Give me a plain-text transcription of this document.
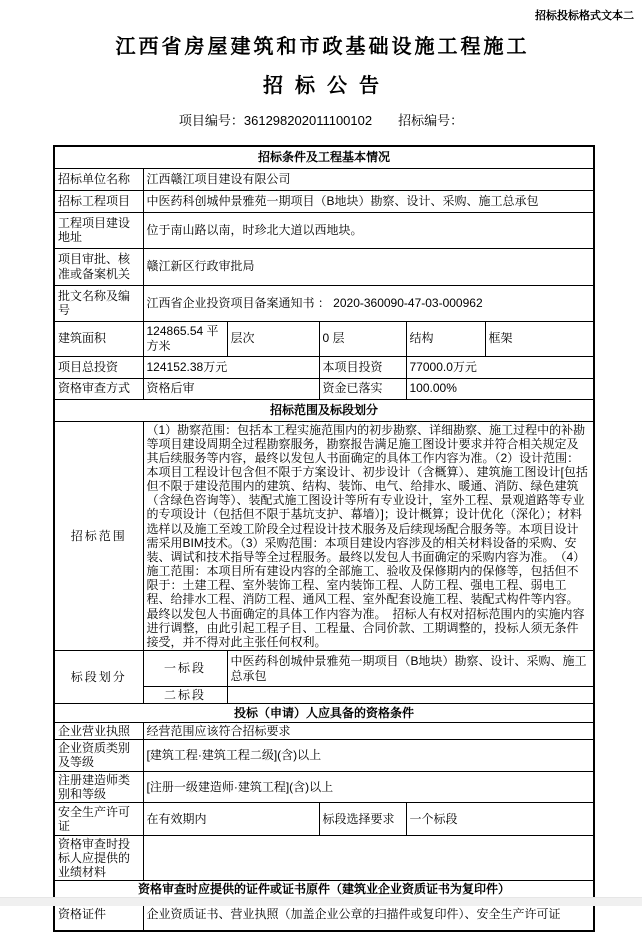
招标投标格式文本二
江西省房屋建筑和市政基础设施工程施工
招标公告
项目编号：361298202011100102 招标编号：
招标条件及工程基本情况					
招标单位名称	江西赣江项目建设有限公司				
招标工程项目	中医药科创城仲景雅苑一期项目（B地块）勘察、设计、采购、施工总承包				
工程项目建设地址	位于南山路以南，时珍北大道以西地块。				
项目审批、核准或备案机关	赣江新区行政审批局				
批文名称及编号	江西省企业投资项目备案通知书 ： 2020-360090-47-03-000962				
建筑面积	124865.54 平方米	层次	0 层	结构	框架
项目总投资	124152.38万元		本项目投资	77000.0万元	
资格审查方式	资格后审		资金已落实	100.00%	
招标范围及标段划分					
招标范围	（1）勘察范围：包括本工程实施范围内的初步勘察、详细勘察、施工过程中的补勘等项目建设周期全过程勘察服务，勘察报告满足施工图设计要求并符合相关规定及其后续服务等内容，最终以发包人书面确定的具体工作内容为准。（2）设计范围：本项目工程设计包含但不限于方案设计、初步设计（含概算）、建筑施工图设计[包括但不限于建设范围内的建筑、结构、装饰、电气、给排水、暖通、消防、绿色建筑（含绿色咨询等）、装配式施工图设计等所有专业设计，室外工程、景观道路等专业的专项设计（包括但不限于基坑支护、幕墙）]；设计概算；设计优化（深化）；材料选样以及施工至竣工阶段全过程设计技术服务及后续现场配合服务等。本项目设计需采用BIM技术。（3）采购范围：本项目建设内容涉及的相关材料设备的采购、安装、调试和技术指导等全过程服务。最终以发包人书面确定的采购内容为准。　（4）施工范围：本项目所有建设内容的全部施工、验收及保修期内的保修等，包括但不限于：土建工程、室外装饰工程、室内装饰工程、人防工程、强电工程、弱电工程、给排水工程、消防工程、通风工程、室外配套设施工程、装配式构件等内容。最终以发包人书面确定的具体工作内容为准。　招标人有权对招标范围内的实施内容进行调整，由此引起工程子目、工程量、合同价款、工期调整的，投标人须无条件接受，并不得对此主张任何权利。				
标段划分	一标段	中医药科创城仲景雅苑一期项目（B地块）勘察、设计、采购、施工总承包			
	二标段				
投标（申请）人应具备的资格条件					
企业营业执照	经营范围应该符合招标要求				
企业资质类别及等级	[建筑工程·建筑工程二级](含)以上				
注册建造师类别和等级	[注册一级建造师·建筑工程](含)以上				
安全生产许可证	在有效期内		标段选择要求	一个标段	
资格审查时投标人应提供的业绩材料					
资格审查时应提供的证件或证书原件（建筑业企业资质证书为复印件）					
资格证件	企业资质证书、营业执照（加盖企业公章的扫描件或复印件）、安全生产许可证				
